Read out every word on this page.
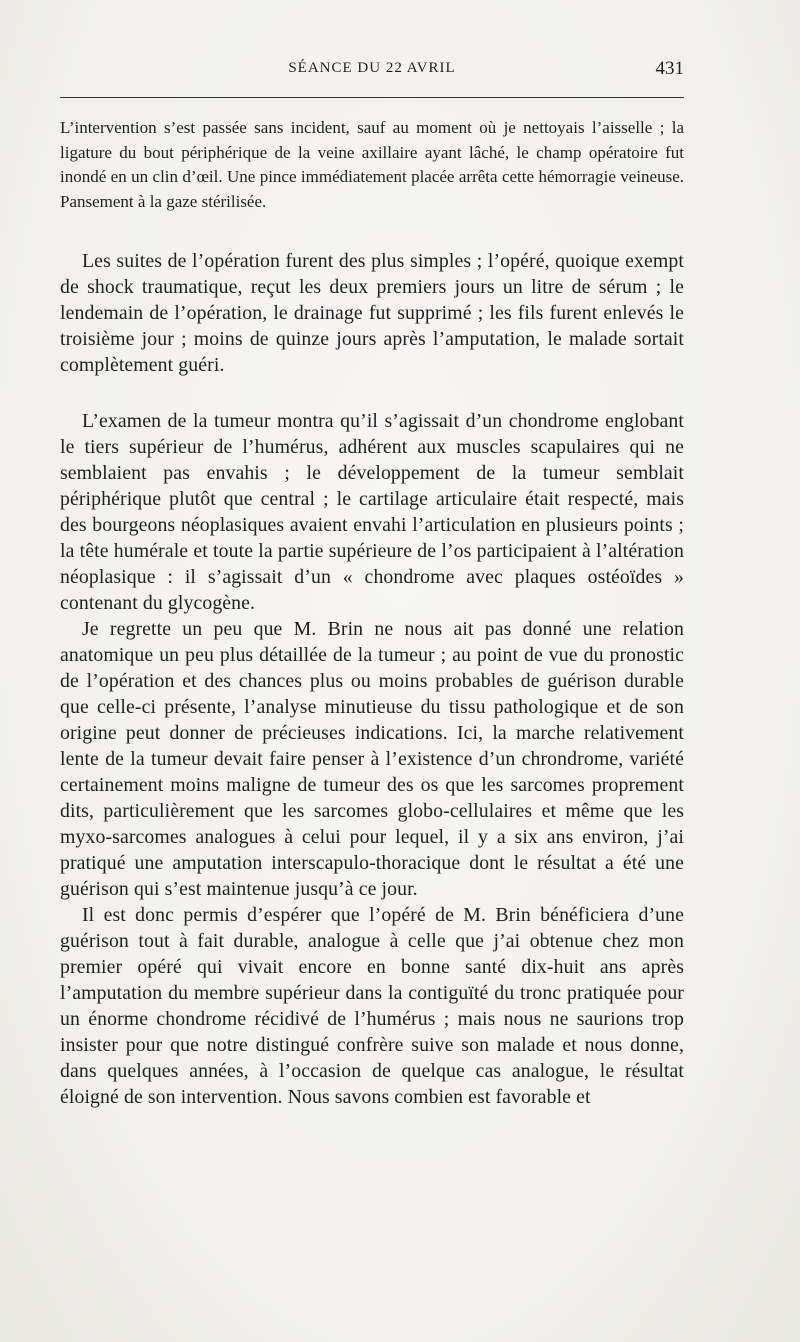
SÉANCE DU 22 AVRIL	431

L’intervention s’est passée sans incident, sauf au moment où je nettoyais l’aisselle ; la ligature du bout périphérique de la veine axillaire ayant lâché, le champ opératoire fut inondé en un clin d’œil. Une pince immédiatement placée arrêta cette hémorragie veineuse. Pansement à la gaze stérilisée.

Les suites de l’opération furent des plus simples ; l’opéré, quoique exempt de shock traumatique, reçut les deux premiers jours un litre de sérum ; le lendemain de l’opération, le drainage fut supprimé ; les fils furent enlevés le troisième jour ; moins de quinze jours après l’amputation, le malade sortait complètement guéri.

L’examen de la tumeur montra qu’il s’agissait d’un chondrome englobant le tiers supérieur de l’humérus, adhérent aux muscles scapulaires qui ne semblaient pas envahis ; le développement de la tumeur semblait périphérique plutôt que central ; le cartilage articulaire était respecté, mais des bourgeons néoplasiques avaient envahi l’articulation en plusieurs points ; la tête humérale et toute la partie supérieure de l’os participaient à l’altération néoplasique : il s’agissait d’un « chondrome avec plaques ostéoïdes » contenant du glycogène.

Je regrette un peu que M. Brin ne nous ait pas donné une relation anatomique un peu plus détaillée de la tumeur ; au point de vue du pronostic de l’opération et des chances plus ou moins probables de guérison durable que celle-ci présente, l’analyse minutieuse du tissu pathologique et de son origine peut donner de précieuses indications. Ici, la marche relativement lente de la tumeur devait faire penser à l’existence d’un chrondrome, variété certainement moins maligne de tumeur des os que les sarcomes proprement dits, particulièrement que les sarcomes globo-cellulaires et même que les myxo-sarcomes analogues à celui pour lequel, il y a six ans environ, j’ai pratiqué une amputation interscapulo-thoracique dont le résultat a été une guérison qui s’est maintenue jusqu’à ce jour.

Il est donc permis d’espérer que l’opéré de M. Brin bénéficiera d’une guérison tout à fait durable, analogue à celle que j’ai obtenue chez mon premier opéré qui vivait encore en bonne santé dix-huit ans après l’amputation du membre supérieur dans la contiguïté du tronc pratiquée pour un énorme chondrome récidivé de l’humérus ; mais nous ne saurions trop insister pour que notre distingué confrère suive son malade et nous donne, dans quelques années, à l’occasion de quelque cas analogue, le résultat éloigné de son intervention. Nous savons combien est favorable et
